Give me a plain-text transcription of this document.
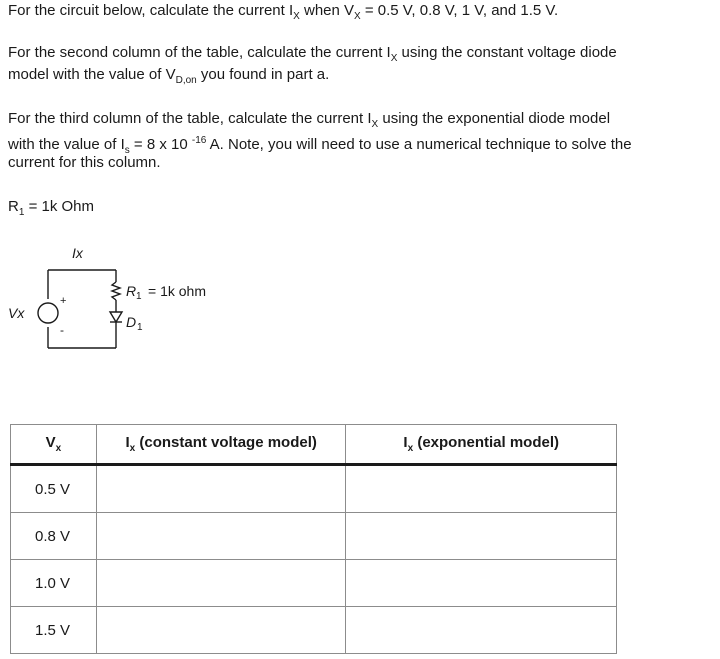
For the circuit below, calculate the current $I_X$ when $V_X = 0.5$ V, 0.8 V, 1 V, and 1.5 V.

For the second column of the table, calculate the current $I_X$ using the constant voltage diode

model with the value of $V_{D,on}$ you found in part a.

For the third column of the table, calculate the current $I_X$ using the exponential diode model

with the value of $I_s = 8$ x 10 $^{-16}$ A. Note, you will need to use a numerical technique to solve the

current for this column.

$R_1 = 1k$ Ohm

Ix
Vx
+
-
R 1 = 1k ohm
D 1
$V_x$	$I_x$ (constant voltage model)	$I_x$ (exponential model)
0.5 V		
0.8 V		
1.0 V		
1.5 V		
